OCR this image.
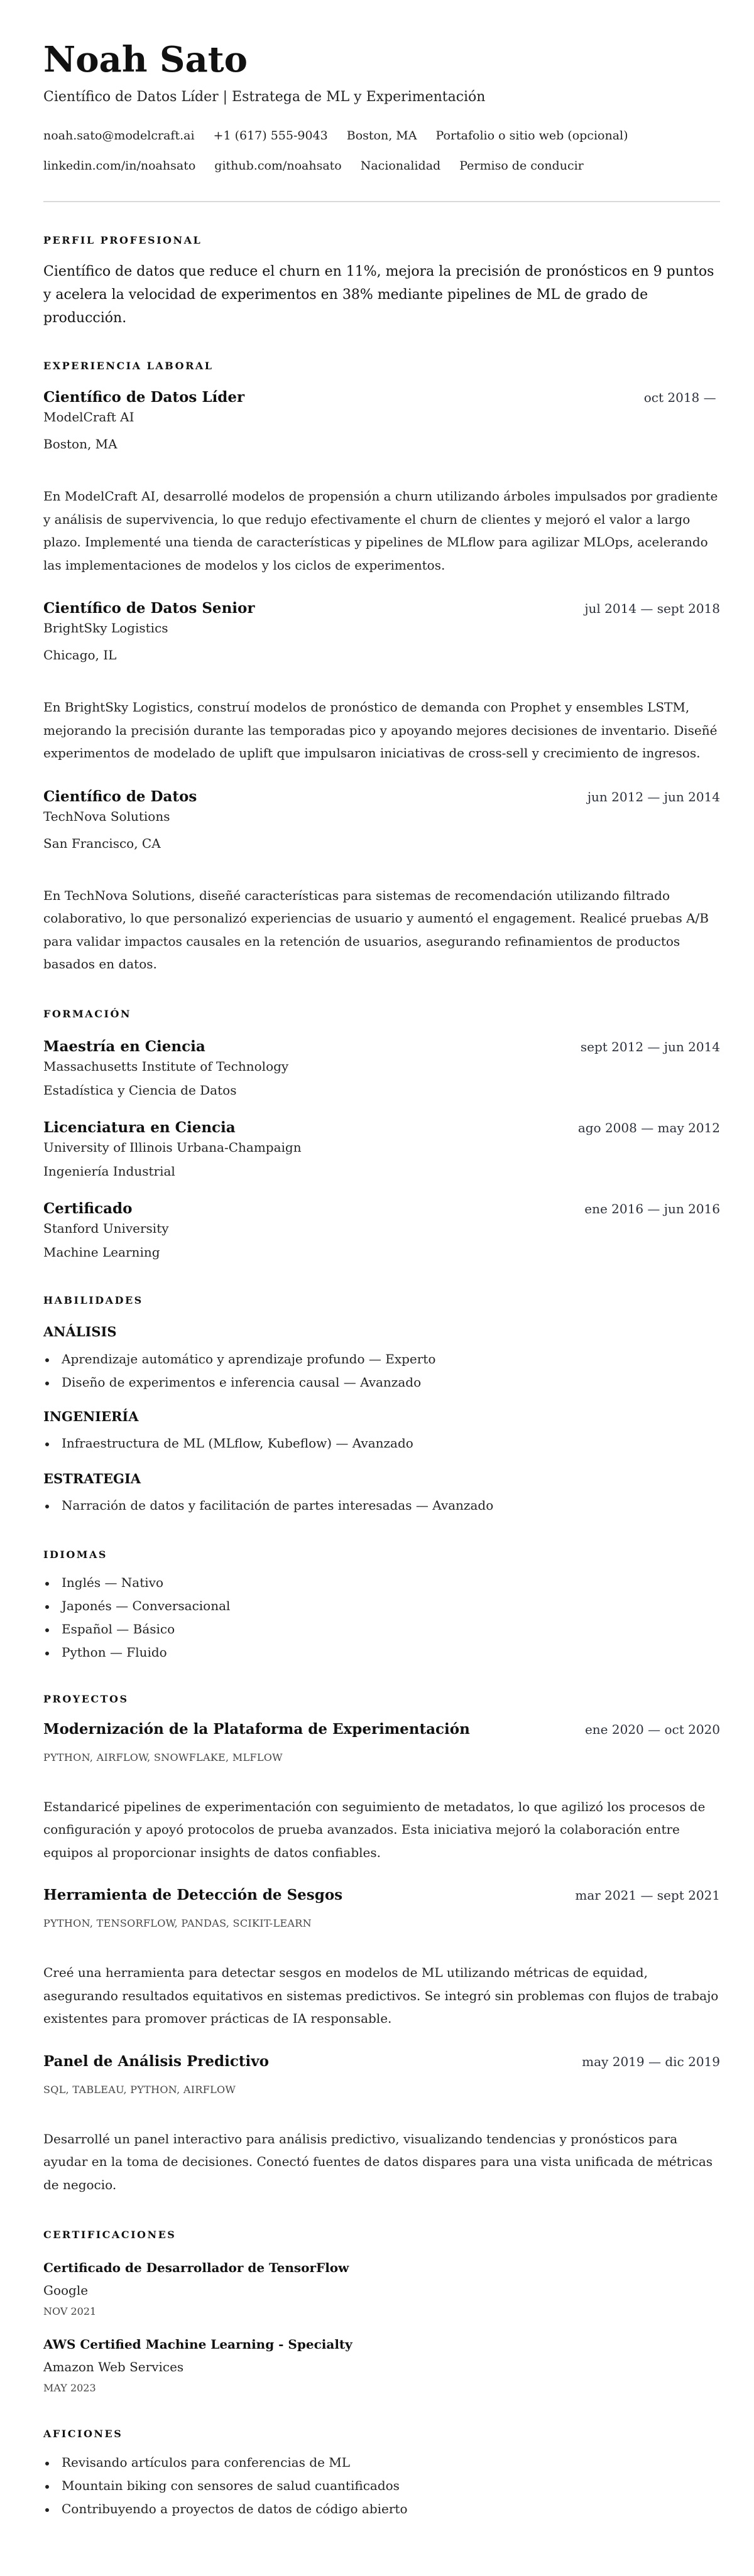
Noah Sato
Científico de Datos Líder | Estratega de ML y Experimentación
noah.sato@modelcraft.ai +1 (617) 555-9043 Boston, MA Portafolio o sitio web (opcional)
linkedin.com/in/noahsato github.com/noahsato Nacionalidad Permiso de conducir
PERFIL PROFESIONAL
Científico de datos que reduce el churn en 11%, mejora la precisión de pronósticos en 9 puntos y acelera la velocidad de experimentos en 38% mediante pipelines de ML de grado de producción.
EXPERIENCIA LABORAL
Científico de Datos Líder	oct 2018 —
ModelCraft AI
Boston, MA
En ModelCraft AI, desarrollé modelos de propensión a churn utilizando árboles impulsados por gradiente y análisis de supervivencia, lo que redujo efectivamente el churn de clientes y mejoró el valor a largo plazo. Implementé una tienda de características y pipelines de MLflow para agilizar MLOps, acelerando las implementaciones de modelos y los ciclos de experimentos.
Científico de Datos Senior	jul 2014 — sept 2018
BrightSky Logistics
Chicago, IL
En BrightSky Logistics, construí modelos de pronóstico de demanda con Prophet y ensembles LSTM, mejorando la precisión durante las temporadas pico y apoyando mejores decisiones de inventario. Diseñé experimentos de modelado de uplift que impulsaron iniciativas de cross-sell y crecimiento de ingresos.
Científico de Datos	jun 2012 — jun 2014
TechNova Solutions
San Francisco, CA
En TechNova Solutions, diseñé características para sistemas de recomendación utilizando filtrado colaborativo, lo que personalizó experiencias de usuario y aumentó el engagement. Realicé pruebas A/B para validar impactos causales en la retención de usuarios, asegurando refinamientos de productos basados en datos.
FORMACIÓN
Maestría en Ciencia	sept 2012 — jun 2014
Massachusetts Institute of Technology
Estadística y Ciencia de Datos
Licenciatura en Ciencia	ago 2008 — may 2012
University of Illinois Urbana-Champaign
Ingeniería Industrial
Certificado	ene 2016 — jun 2016
Stanford University
Machine Learning
HABILIDADES
ANÁLISIS
Aprendizaje automático y aprendizaje profundo — Experto
Diseño de experimentos e inferencia causal — Avanzado
INGENIERÍA
Infraestructura de ML (MLflow, Kubeflow) — Avanzado
ESTRATEGIA
Narración de datos y facilitación de partes interesadas — Avanzado
IDIOMAS
Inglés — Nativo
Japonés — Conversacional
Español — Básico
Python — Fluido
PROYECTOS
Modernización de la Plataforma de Experimentación	ene 2020 — oct 2020
PYTHON, AIRFLOW, SNOWFLAKE, MLFLOW
Estandaricé pipelines de experimentación con seguimiento de metadatos, lo que agilizó los procesos de configuración y apoyó protocolos de prueba avanzados. Esta iniciativa mejoró la colaboración entre equipos al proporcionar insights de datos confiables.
Herramienta de Detección de Sesgos	mar 2021 — sept 2021
PYTHON, TENSORFLOW, PANDAS, SCIKIT-LEARN
Creé una herramienta para detectar sesgos en modelos de ML utilizando métricas de equidad, asegurando resultados equitativos en sistemas predictivos. Se integró sin problemas con flujos de trabajo existentes para promover prácticas de IA responsable.
Panel de Análisis Predictivo	may 2019 — dic 2019
SQL, TABLEAU, PYTHON, AIRFLOW
Desarrollé un panel interactivo para análisis predictivo, visualizando tendencias y pronósticos para ayudar en la toma de decisiones. Conectó fuentes de datos dispares para una vista unificada de métricas de negocio.
CERTIFICACIONES
Certificado de Desarrollador de TensorFlow
Google
NOV 2021
AWS Certified Machine Learning - Specialty
Amazon Web Services
MAY 2023
AFICIONES
Revisando artículos para conferencias de ML
Mountain biking con sensores de salud cuantificados
Contribuyendo a proyectos de datos de código abierto
